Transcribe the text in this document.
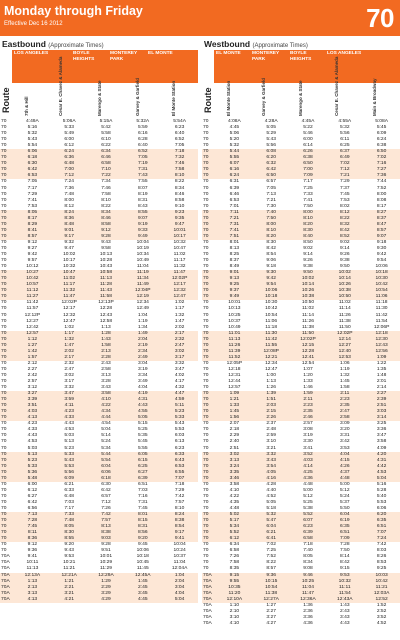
Monday through Friday
Effective Dec 16 2012	70
Eastbound (Approximate Times)
LOS ANGELES	BOYLE HEIGHTS
MONTEREY PARK
EL MONTE
Route	7th & Hill	Cesar E. Chavez & Alameda	Marengo & State	Garvey & Garfield	El Monte Station
70	4:49A	5:06A	5:15A	5:32A	5:54A
70	5:16	5:33	5:42	5:59	6:23
70	5:32	5:49	5:58	6:16	6:40
70	5:43	6:00	6:10	6:28	6:52
70	5:54	6:12	6:22	6:40	7:05
70	6:06	6:24	6:34	6:52	7:18
70	6:18	6:36	6:46	7:05	7:32
70	6:30	6:48	6:58	7:19	7:46
70	6:42	7:00	7:10	7:31	7:58
70	6:53	7:12	7:22	7:43	8:10
70	7:05	7:24	7:34	7:55	8:22
70	7:17	7:36	7:46	8:07	8:34
70	7:29	7:48	7:58	8:19	8:46
70	7:41	8:00	8:10	8:31	8:58
70	7:53	8:12	8:22	8:43	9:10
70	8:05	8:24	8:34	8:55	9:23
70	8:17	8:36	8:46	9:07	9:35
70	8:29	8:48	8:58	9:19	9:47
70	8:41	9:01	9:12	9:33	10:01
70	8:57	9:17	9:28	9:49	10:17
70	9:12	9:32	9:43	10:04	10:32
70	9:27	9:47	9:58	10:19	10:47
70	9:42	10:02	10:13	10:34	11:02
70	9:57	10:17	10:28	10:49	11:17
70	10:12	10:32	10:43	11:04	11:32
70	10:27	10:47	10:58	11:19	11:47
70	10:42	11:02	11:13	11:34	12:02P
70	10:57	11:17	11:28	11:49	12:17
70	11:12	11:32	11:43	12:04P	12:32
70	11:27	11:47	11:58	12:19	12:47
70	11:42	12:02P	12:13P	12:34	1:02
70	11:57	12:17	12:28	12:49	1:17
70	12:12P	12:32	12:43	1:04	1:32
70	12:27	12:47	12:58	1:19	1:47
70	12:42	1:02	1:13	1:34	2:02
70	12:57	1:17	1:28	1:49	2:17
70	1:12	1:32	1:43	2:04	2:32
70	1:27	1:47	1:58	2:19	2:47
70	1:42	2:02	2:13	2:34	3:02
70	1:57	2:17	2:28	2:49	3:17
70	2:12	2:32	2:43	3:04	3:32
70	2:27	2:47	2:58	3:19	3:47
70	2:42	3:02	3:13	3:34	4:02
70	2:57	3:17	3:28	3:49	4:17
70	3:12	3:32	3:43	4:04	4:32
70	3:27	3:47	3:58	4:19	4:47
70	3:39	3:59	4:10	4:31	4:59
70	3:51	4:11	4:22	4:43	5:11
70	4:03	4:23	4:34	4:55	5:23
70	4:13	4:33	4:44	5:05	5:33
70	4:23	4:43	4:54	5:15	5:43
70	4:33	4:53	5:04	5:25	5:53
70	4:43	5:03	5:14	5:35	6:03
70	4:53	5:13	5:24	5:45	6:13
70	5:03	5:23	5:34	5:55	6:23
70	5:13	5:33	5:44	6:05	6:33
70	5:23	5:43	5:54	6:15	6:43
70	5:33	5:53	6:04	6:25	6:53
70	5:36	5:56	6:06	6:27	6:55
70	5:48	6:09	6:18	6:39	7:07
70	6:00	6:21	6:30	6:51	7:18
70	6:12	6:33	6:42	7:03	7:29
70	6:27	6:48	6:57	7:16	7:42
70	6:42	7:03	7:12	7:31	7:57
70	6:56	7:17	7:26	7:45	8:10
70	7:13	7:33	7:42	8:01	8:24
70	7:28	7:48	7:57	8:15	8:38
70	7:45	8:05	8:13	8:31	8:54
70	8:11	8:30	8:38	8:56	9:17
70	8:36	8:55	9:03	9:20	9:41
70	9:12	9:20	9:28	9:45	10:04
70	9:36	9:43	9:51	10:06	10:24
70A	9:41	9:53	10:01	10:18	10:37
70A	10:11	10:21	10:29	10:45	11:04
70A	11:13	11:21	11:29	11:45	12:04A
70A	12:13A	12:21A	12:29A	12:45A	1:04
70A	1:13	1:21	1:29	1:45	2:04
70A	2:13	2:21	2:29	2:45	3:04
70A	3:13	3:21	3:29	3:45	4:04
70A	4:13	4:21	4:29	4:45	5:04
Westbound (Approximate Times)
EL MONTE	MONTEREY PARK
BOYLE HEIGHTS
LOS ANGELES
Route	El Monte Station	Garvey & Garfield	Marengo & State	Cesar E. Chavez & Alameda	Main & Broadway
70	4:08A	4:28A	4:45A	4:55A	5:08A
70	4:45	5:05	5:22	5:32	5:45
70	5:06	5:29	5:46	5:56	6:09
70	5:20	5:43	6:00	6:11	6:24
70	5:32	5:56	6:14	6:25	6:38
70	5:44	6:08	6:26	6:37	6:50
70	5:55	6:20	6:38	6:49	7:02
70	6:07	6:32	6:50	7:02	7:16
70	6:16	6:42	7:00	7:12	7:27
70	6:24	6:50	7:09	7:21	7:36
70	6:31	6:57	7:17	7:29	7:44
70	6:39	7:05	7:25	7:37	7:52
70	6:46	7:13	7:33	7:45	8:00
70	6:53	7:21	7:41	7:53	8:08
70	7:01	7:30	7:50	8:02	8:17
70	7:11	7:40	8:00	8:12	8:27
70	7:21	7:50	8:10	8:22	8:37
70	7:31	8:00	8:20	8:32	8:47
70	7:41	8:10	8:30	8:42	8:57
70	7:51	8:20	8:40	8:52	9:07
70	8:01	8:30	8:50	9:02	9:18
70	8:13	8:42	9:02	9:14	9:30
70	8:25	8:54	9:14	9:26	9:42
70	8:37	9:06	9:26	9:38	9:54
70	8:49	9:18	9:38	9:50	10:06
70	9:01	9:30	9:50	10:02	10:18
70	9:13	9:42	10:02	10:14	10:30
70	9:25	9:54	10:14	10:26	10:42
70	9:37	10:06	10:26	10:38	10:54
70	9:49	10:18	10:38	10:50	11:06
70	10:01	10:30	10:50	11:02	11:18
70	10:13	10:42	11:02	11:14	11:30
70	10:25	10:54	11:14	11:26	11:42
70	10:37	11:06	11:26	11:38	11:54
70	10:49	11:18	11:38	11:50	12:06P
70	11:01	11:30	11:50	12:02P	12:18
70	11:13	11:42	12:02P	12:14	12:30
70	11:26	11:55	12:15	12:27	12:43
70	11:39	12:08P	12:28	12:40	12:56
70	11:52	12:21	12:41	12:53	1:09
70	12:05P	12:34	12:54	1:06	1:22
70	12:18	12:47	1:07	1:19	1:35
70	12:31	1:00	1:20	1:32	1:48
70	12:44	1:13	1:33	1:45	2:01
70	12:57	1:26	1:46	1:58	2:14
70	1:09	1:39	1:59	2:11	2:27
70	1:21	1:51	2:11	2:23	2:39
70	1:33	2:03	2:23	2:35	2:51
70	1:45	2:15	2:35	2:47	3:03
70	1:56	2:26	2:46	2:58	3:14
70	2:07	2:37	2:57	3:09	3:25
70	2:18	2:48	3:08	3:20	3:36
70	2:29	2:59	3:19	3:31	3:47
70	2:40	3:10	3:30	3:42	3:58
70	2:51	3:21	3:41	3:53	4:09
70	3:02	3:32	3:52	4:04	4:20
70	3:13	3:43	4:03	4:15	4:31
70	3:24	3:54	4:14	4:26	4:42
70	3:35	4:05	4:25	4:37	4:53
70	3:46	4:16	4:36	4:48	5:04
70	3:58	4:28	4:48	5:00	5:16
70	4:10	4:40	5:00	5:12	5:28
70	4:22	4:52	5:12	5:24	5:40
70	4:35	5:05	5:25	5:37	5:53
70	4:48	5:18	5:38	5:50	6:06
70	5:02	5:32	5:52	6:04	6:20
70	5:17	5:47	6:07	6:19	6:35
70	5:34	6:04	6:23	6:35	6:51
70	5:52	6:21	6:39	6:51	7:07
70	6:12	6:41	6:58	7:09	7:24
70	6:34	7:02	7:18	7:28	7:42
70	6:58	7:25	7:40	7:50	8:03
70	7:26	7:52	8:05	8:14	8:26
70	7:58	8:22	8:34	8:42	8:53
70	8:35	8:57	9:08	9:15	9:25
70A	9:15	9:36	9:46	9:53	10:03
70A	9:55	10:15	10:25	10:32	10:42
70A	10:35	10:54	11:04	11:11	11:21
70A	11:20	11:38	11:47	11:54	12:03A
70A	12:10A	12:27A	12:36A	12:43A	12:52
70A	1:10	1:27	1:36	1:43	1:52
70A	2:10	2:27	2:36	2:43	2:52
70A	3:10	3:27	3:36	3:43	3:52
70A	4:10	4:27	4:36	4:43	4:52
